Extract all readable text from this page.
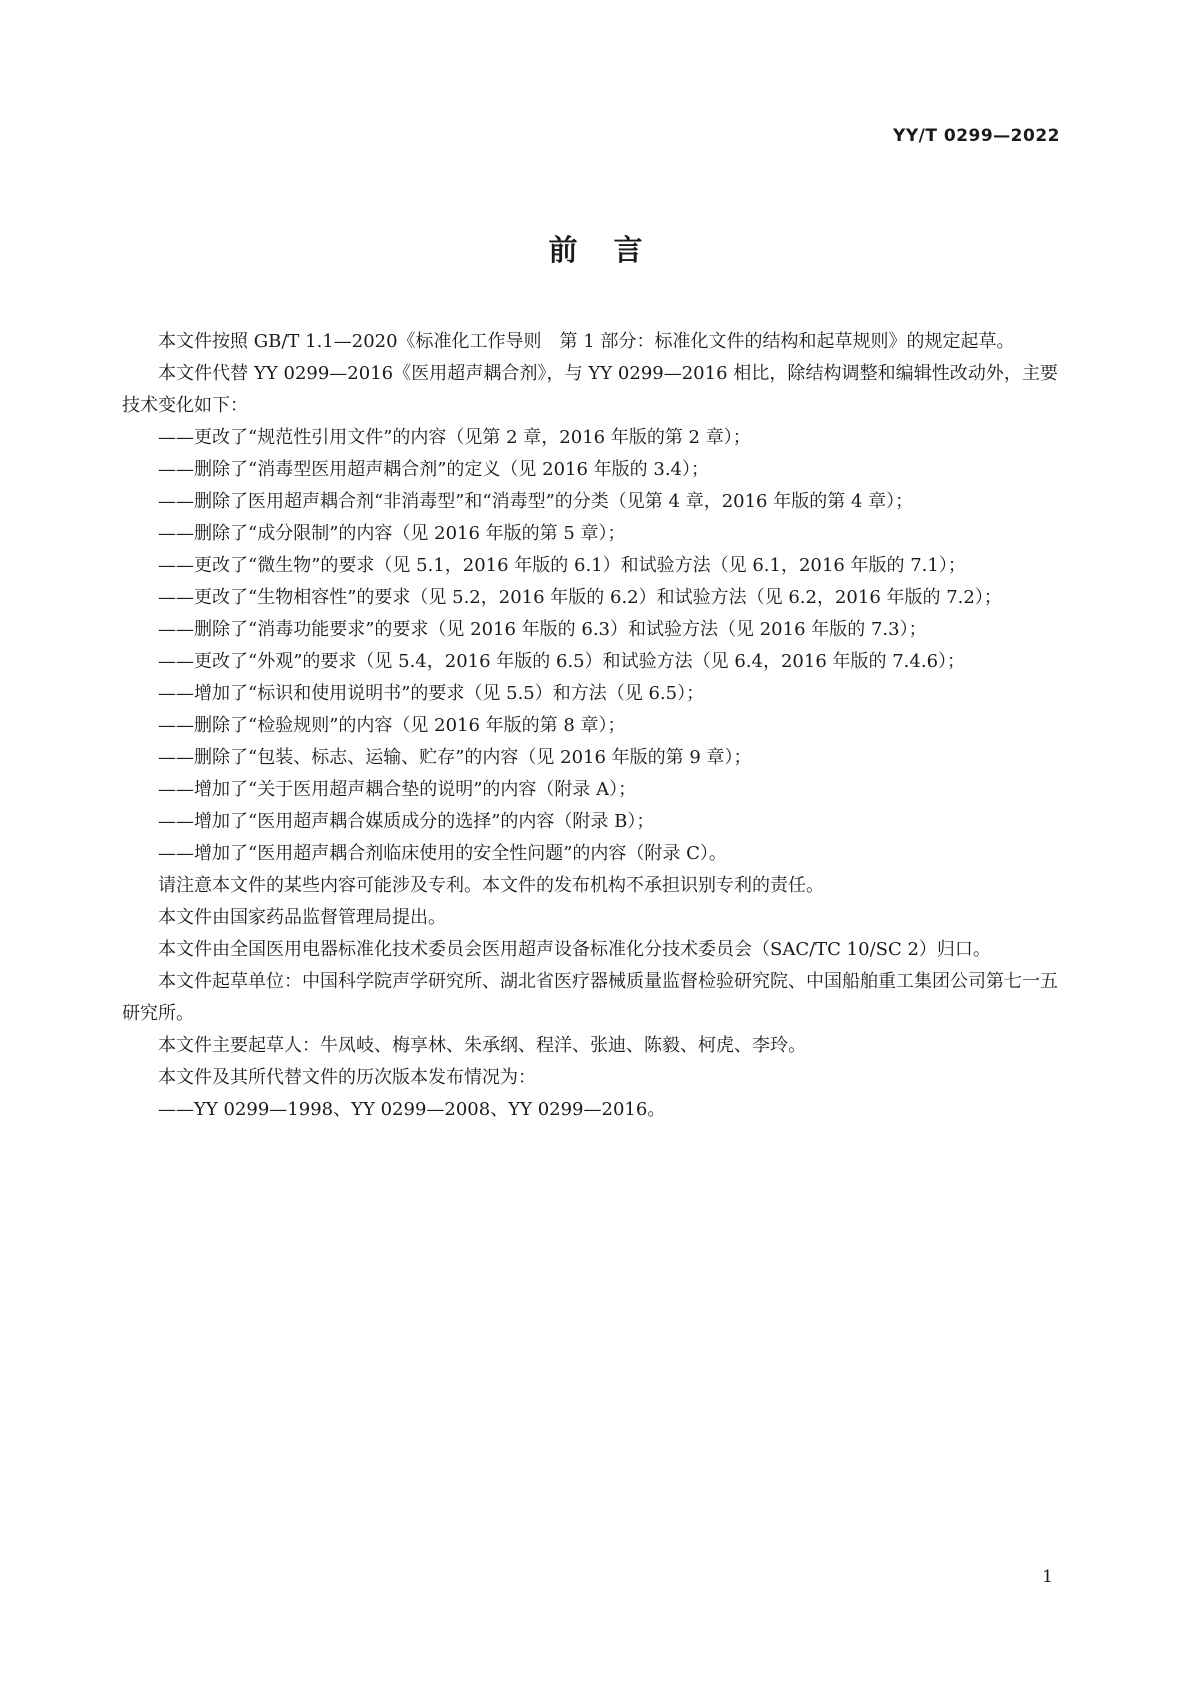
YY/T 0299—2022
前言

本文件按照 GB/T 1.1—2020《标准化工作导则　第 1 部分：标准化文件的结构和起草规则》的规定起草。

本文件代替 YY 0299—2016《医用超声耦合剂》，与 YY 0299—2016 相比，除结构调整和编辑性改动外，主要技术变化如下：

——更改了“规范性引用文件”的内容（见第 2 章，2016 年版的第 2 章）；

——删除了“消毒型医用超声耦合剂”的定义（见 2016 年版的 3.4）；

——删除了医用超声耦合剂“非消毒型”和“消毒型”的分类（见第 4 章，2016 年版的第 4 章）；

——删除了“成分限制”的内容（见 2016 年版的第 5 章）；

——更改了“微生物”的要求（见 5.1，2016 年版的 6.1）和试验方法（见 6.1，2016 年版的 7.1）；

——更改了“生物相容性”的要求（见 5.2，2016 年版的 6.2）和试验方法（见 6.2，2016 年版的 7.2）；

——删除了“消毒功能要求”的要求（见 2016 年版的 6.3）和试验方法（见 2016 年版的 7.3）；

——更改了“外观”的要求（见 5.4，2016 年版的 6.5）和试验方法（见 6.4，2016 年版的 7.4.6）；

——增加了“标识和使用说明书”的要求（见 5.5）和方法（见 6.5）；

——删除了“检验规则”的内容（见 2016 年版的第 8 章）；

——删除了“包装、标志、运输、贮存”的内容（见 2016 年版的第 9 章）；

——增加了“关于医用超声耦合垫的说明”的内容（附录 A）；

——增加了“医用超声耦合媒质成分的选择”的内容（附录 B）；

——增加了“医用超声耦合剂临床使用的安全性问题”的内容（附录 C）。

请注意本文件的某些内容可能涉及专利。本文件的发布机构不承担识别专利的责任。

本文件由国家药品监督管理局提出。

本文件由全国医用电器标准化技术委员会医用超声设备标准化分技术委员会（SAC/TC 10/SC 2）归口。

本文件起草单位：中国科学院声学研究所、湖北省医疗器械质量监督检验研究院、中国船舶重工集团公司第七一五研究所。

本文件主要起草人：牛凤岐、梅享林、朱承纲、程洋、张迪、陈毅、柯虎、李玲。

本文件及其所代替文件的历次版本发布情况为：

——YY 0299—1998、YY 0299—2008、YY 0299—2016。

1
